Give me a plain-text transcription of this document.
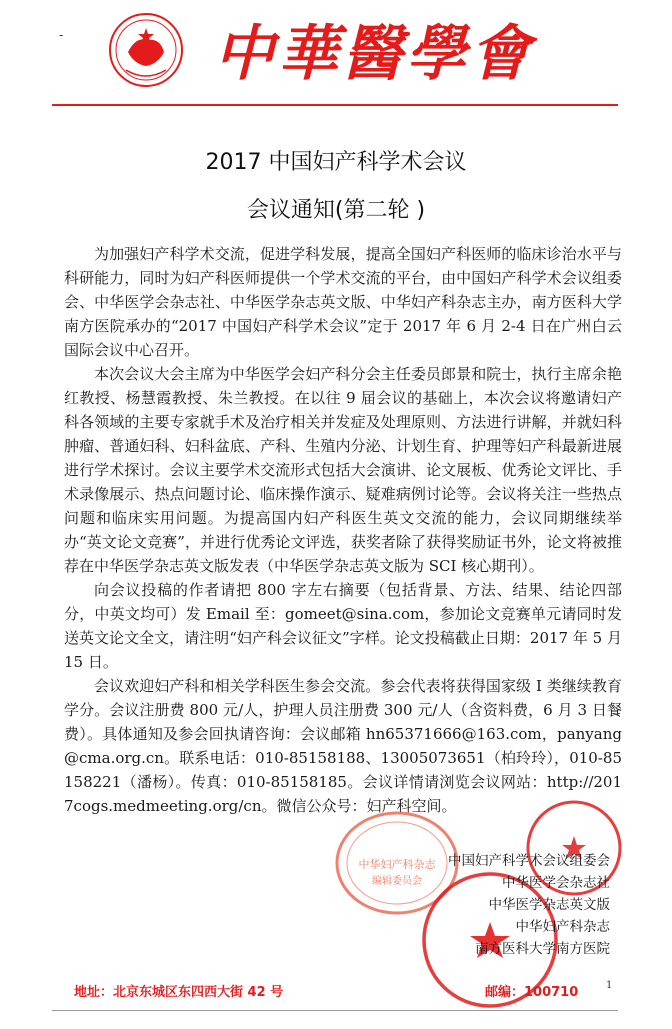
-	中華醫學會
2017 中国妇产科学术会议
会议通知(第二轮 )

为加强妇产科学术交流，促进学科发展，提高全国妇产科医师的临床诊治水平与科研能力，同时为妇产科医师提供一个学术交流的平台，由中国妇产科学术会议组委会、中华医学会杂志社、中华医学杂志英文版、中华妇产科杂志主办，南方医科大学南方医院承办的“2017 中国妇产科学术会议”定于 2017 年 6 月 2-4 日在广州白云国际会议中心召开。

本次会议大会主席为中华医学会妇产科分会主任委员郎景和院士，执行主席余艳红教授、杨慧霞教授、朱兰教授。在以往 9 届会议的基础上，本次会议将邀请妇产科各领域的主要专家就手术及治疗相关并发症及处理原则、方法进行讲解，并就妇科肿瘤、普通妇科、妇科盆底、产科、生殖内分泌、计划生育、护理等妇产科最新进展进行学术探讨。会议主要学术交流形式包括大会演讲、论文展板、优秀论文评比、手术录像展示、热点问题讨论、临床操作演示、疑难病例讨论等。会议将关注一些热点问题和临床实用问题。为提高国内妇产科医生英文交流的能力，会议同期继续举办“英文论文竞赛”，并进行优秀论文评选，获奖者除了获得奖励证书外，论文将被推荐在中华医学杂志英文版发表（中华医学杂志英文版为 SCI 核心期刊）。

向会议投稿的作者请把 800 字左右摘要（包括背景、方法、结果、结论四部分，中英文均可）发 Email 至：gomeet@sina.com，参加论文竞赛单元请同时发送英文论文全文，请注明“妇产科会议征文”字样。论文投稿截止日期：2017 年 5 月 15 日。

会议欢迎妇产科和相关学科医生参会交流。参会代表将获得国家级 I 类继续教育学分。会议注册费 800 元/人，护理人员注册费 300 元/人（含资料费，6 月 3 日餐费）。具体通知及参会回执请咨询：会议邮箱 hn65371666@163.com，panyang@cma.org.cn。联系电话：010-85158188、13005073651（柏玲玲），010-85158221（潘杨）。传真：010-85158185。会议详情请浏览会议网站：http://2017cogs.medmeeting.org/cn。微信公众号：妇产科空间。

中华妇产科杂志
编辑委员会
中国妇产科学术会议组委会
中华医学会杂志社
中华医学杂志英文版
中华妇产科杂志
南方医科大学南方医院
地址：北京东城区东四西大街 42 号	邮编：100710	1
